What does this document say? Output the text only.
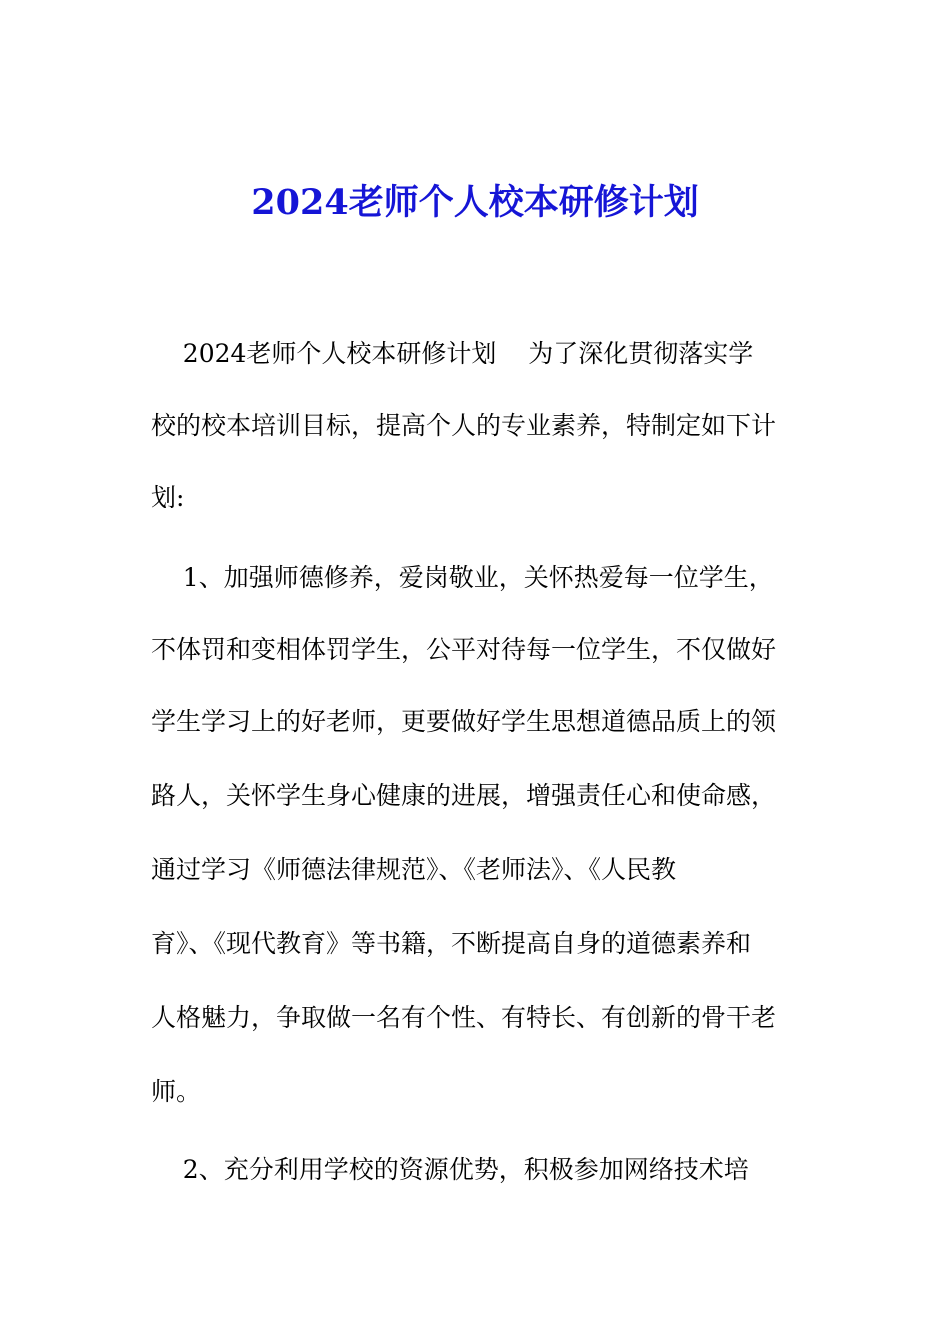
2024老师个人校本研修计划
2024老师个人校本研修计划    为了深化贯彻落实学
校的校本培训目标，提高个人的专业素养，特制定如下计
划:
1、加强师德修养，爱岗敬业，关怀热爱每一位学生，
不体罚和变相体罚学生，公平对待每一位学生，不仅做好
学生学习上的好老师，更要做好学生思想道德品质上的领
路人，关怀学生身心健康的进展，增强责任心和使命感，
通过学习《师德法律规范》、《老师法》、《人民教
育》、《现代教育》等书籍，不断提高自身的道德素养和
人格魅力，争取做一名有个性、有特长、有创新的骨干老
师。
2、充分利用学校的资源优势，积极参加网络技术培
